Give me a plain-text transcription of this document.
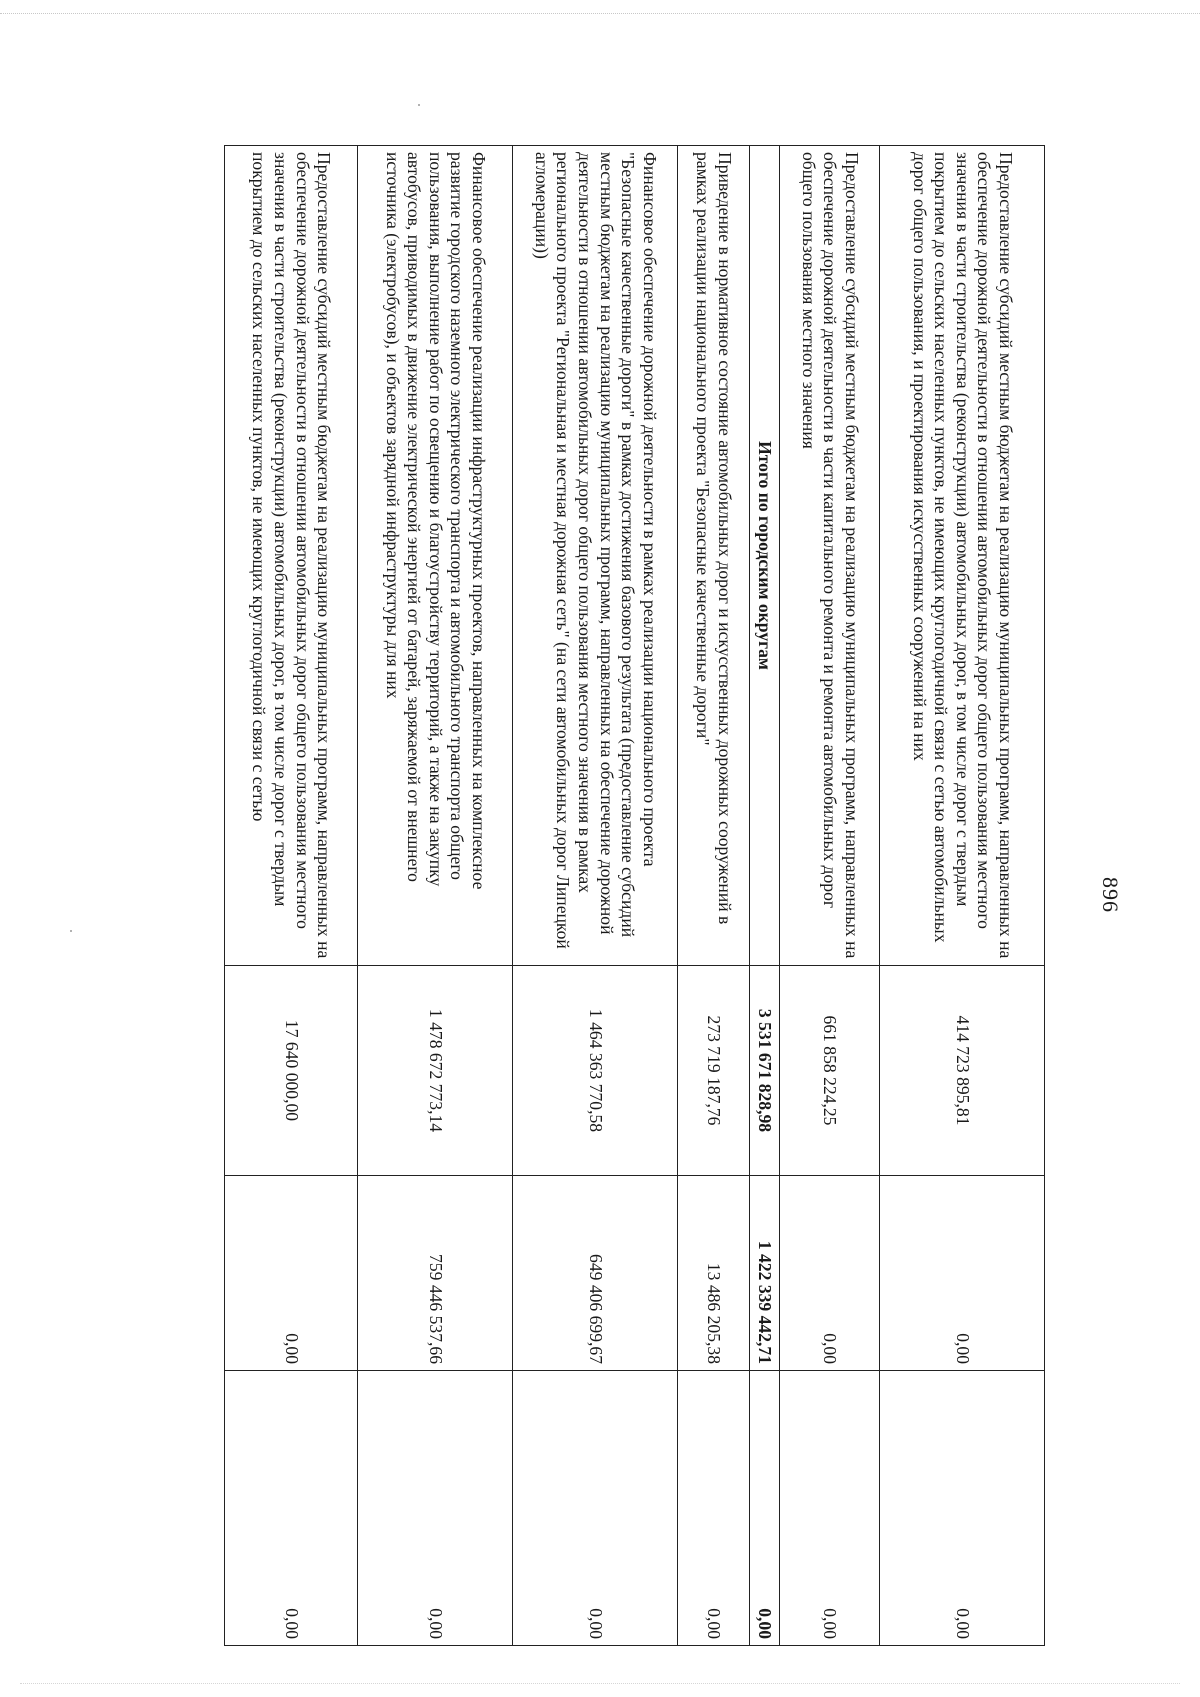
896
Предоставление субсидий местным бюджетам на реализацию муниципальных программ, направленных на обеспечение дорожной деятельности в отношении автомобильных дорог общего пользования местного значения в части строительства (реконструкции) автомобильных дорог, в том числе дорог с твердым покрытием до сельских населенных пунктов, не имеющих круглогодичной связи с сетью автомобильных дорог общего пользования, и проектирования искусственных сооружений на них	414 723 895,81	0,00	0,00
Предоставление субсидий местным бюджетам на реализацию муниципальных программ, направленных на обеспечение дорожной деятельности в части капитального ремонта и ремонта автомобильных дорог общего пользования местного значения	661 858 224,25	0,00	0,00
Итого по городским округам	3 531 671 828,98	1 422 339 442,71	0,00
Приведение в нормативное состояние автомобильных дорог и искусственных дорожных сооружений в рамках реализации национального проекта "Безопасные качественные дороги"	273 719 187,76	13 486 205,38	0,00
Финансовое обеспечение дорожной деятельности в рамках реализации национального проекта "Безопасные качественные дороги" в рамках достижения базового результата (предоставление субсидий местным бюджетам на реализацию муниципальных программ, направленных на обеспечение дорожной деятельности в отношении автомобильных дорог общего пользования местного значения в рамках регионального проекта "Региональная и местная дорожная сеть" (на сети автомобильных дорог Липецкой агломерации))	1 464 363 770,58	649 406 699,67	0,00
Финансовое обеспечение реализации инфраструктурных проектов, направленных на комплексное развитие городского наземного электрического транспорта и автомобильного транспорта общего пользования, выполнение работ по освещению и благоустройству территорий, а также на закупку автобусов, приводимых в движение электрической энергией от батарей, заряжаемой от внешнего источника (электробусов), и объектов зарядной инфраструктуры для них	1 478 672 773,14	759 446 537,66	0,00
Предоставление субсидий местным бюджетам на реализацию муниципальных программ, направленных на обеспечение дорожной деятельности в отношении автомобильных дорог общего пользования местного значения в части строительства (реконструкции) автомобильных дорог, в том числе дорог с твердым покрытием до сельских населенных пунктов, не имеющих круглогодичной связи с сетью	17 640 000,00	0,00	0,00
